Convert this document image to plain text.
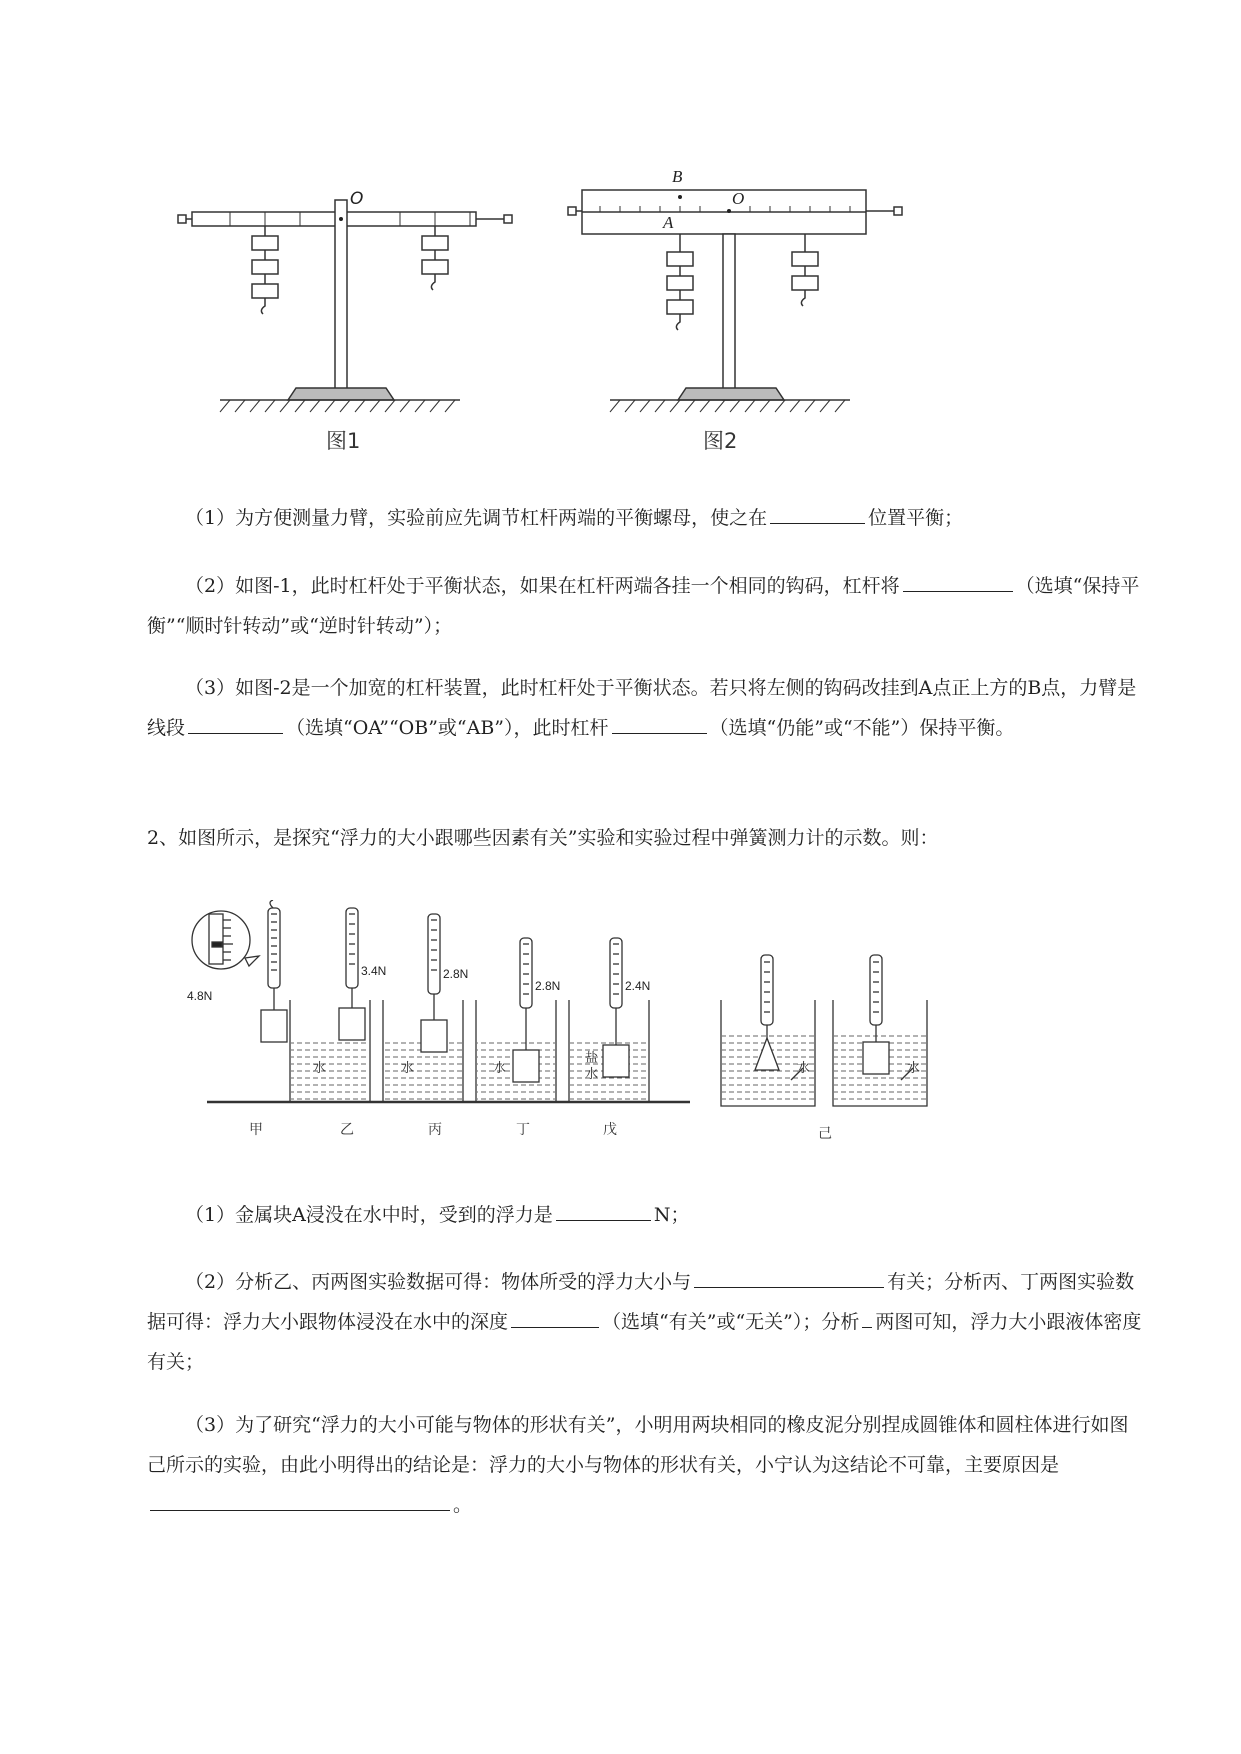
O
图1
B
O
A
图2
（1）为方便测量力臂，实验前应先调节杠杆两端的平衡螺母，使之在	位置平衡；
（2）如图-1，此时杠杆处于平衡状态，如果在杠杆两端各挂一个相同的钩码，杠杆将	（选填“保持平衡”“顺时针转动”或“逆时针转动”）；
（3）如图-2是一个加宽的杠杆装置，此时杠杆处于平衡状态。若只将左侧的钩码改挂到A点正上方的B点，力臂是线段	（选填“OA”“OB”或“AB”），此时杠杆	（选填“仍能”或“不能”）保持平衡。
2、如图所示，是探究“浮力的大小跟哪些因素有关”实验和实验过程中弹簧测力计的示数。则：
4.8N
3.4N	2.8N
2.8N	2.4N
水	水	水
盐
水	水	水
甲	乙	丙	丁	戊	己
（1）金属块A浸没在水中时，受到的浮力是	N；
（2）分析乙、丙两图实验数据可得：物体所受的浮力大小与	有关；分析丙、丁两图实验数据可得：浮力大小跟物体浸没在水中的深度	（选填“有关”或“无关”）；分析 两图可知，浮力大小跟液体密度有关；
（3）为了研究“浮力的大小可能与物体的形状有关”，小明用两块相同的橡皮泥分别捏成圆锥体和圆柱体进行如图己所示的实验，由此小明得出的结论是：浮力的大小与物体的形状有关，小宁认为这结论不可靠，主要原因是。
